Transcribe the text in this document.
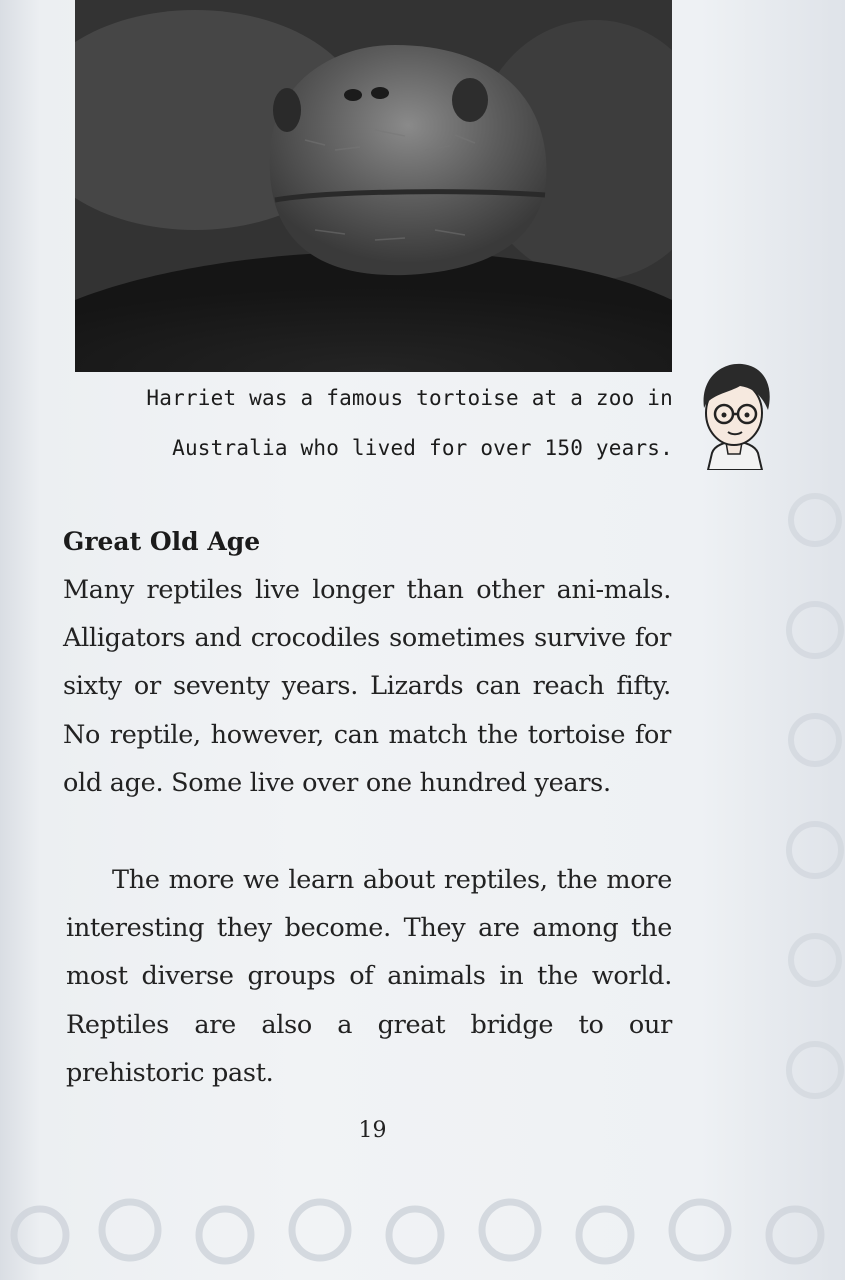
Harriet was a famous tortoise at a zoo in
Australia who lived for over 150 years.
Great Old Age
Many reptiles live longer than other ani-mals. Alligators and crocodiles sometimes survive for sixty or seventy years. Lizards can reach fifty. No reptile, however, can match the tortoise for old age. Some live over one hundred years.
The more we learn about reptiles, the more interesting they become. They are among the most diverse groups of animals in the world. Reptiles are also a great bridge to our prehistoric past.
19
